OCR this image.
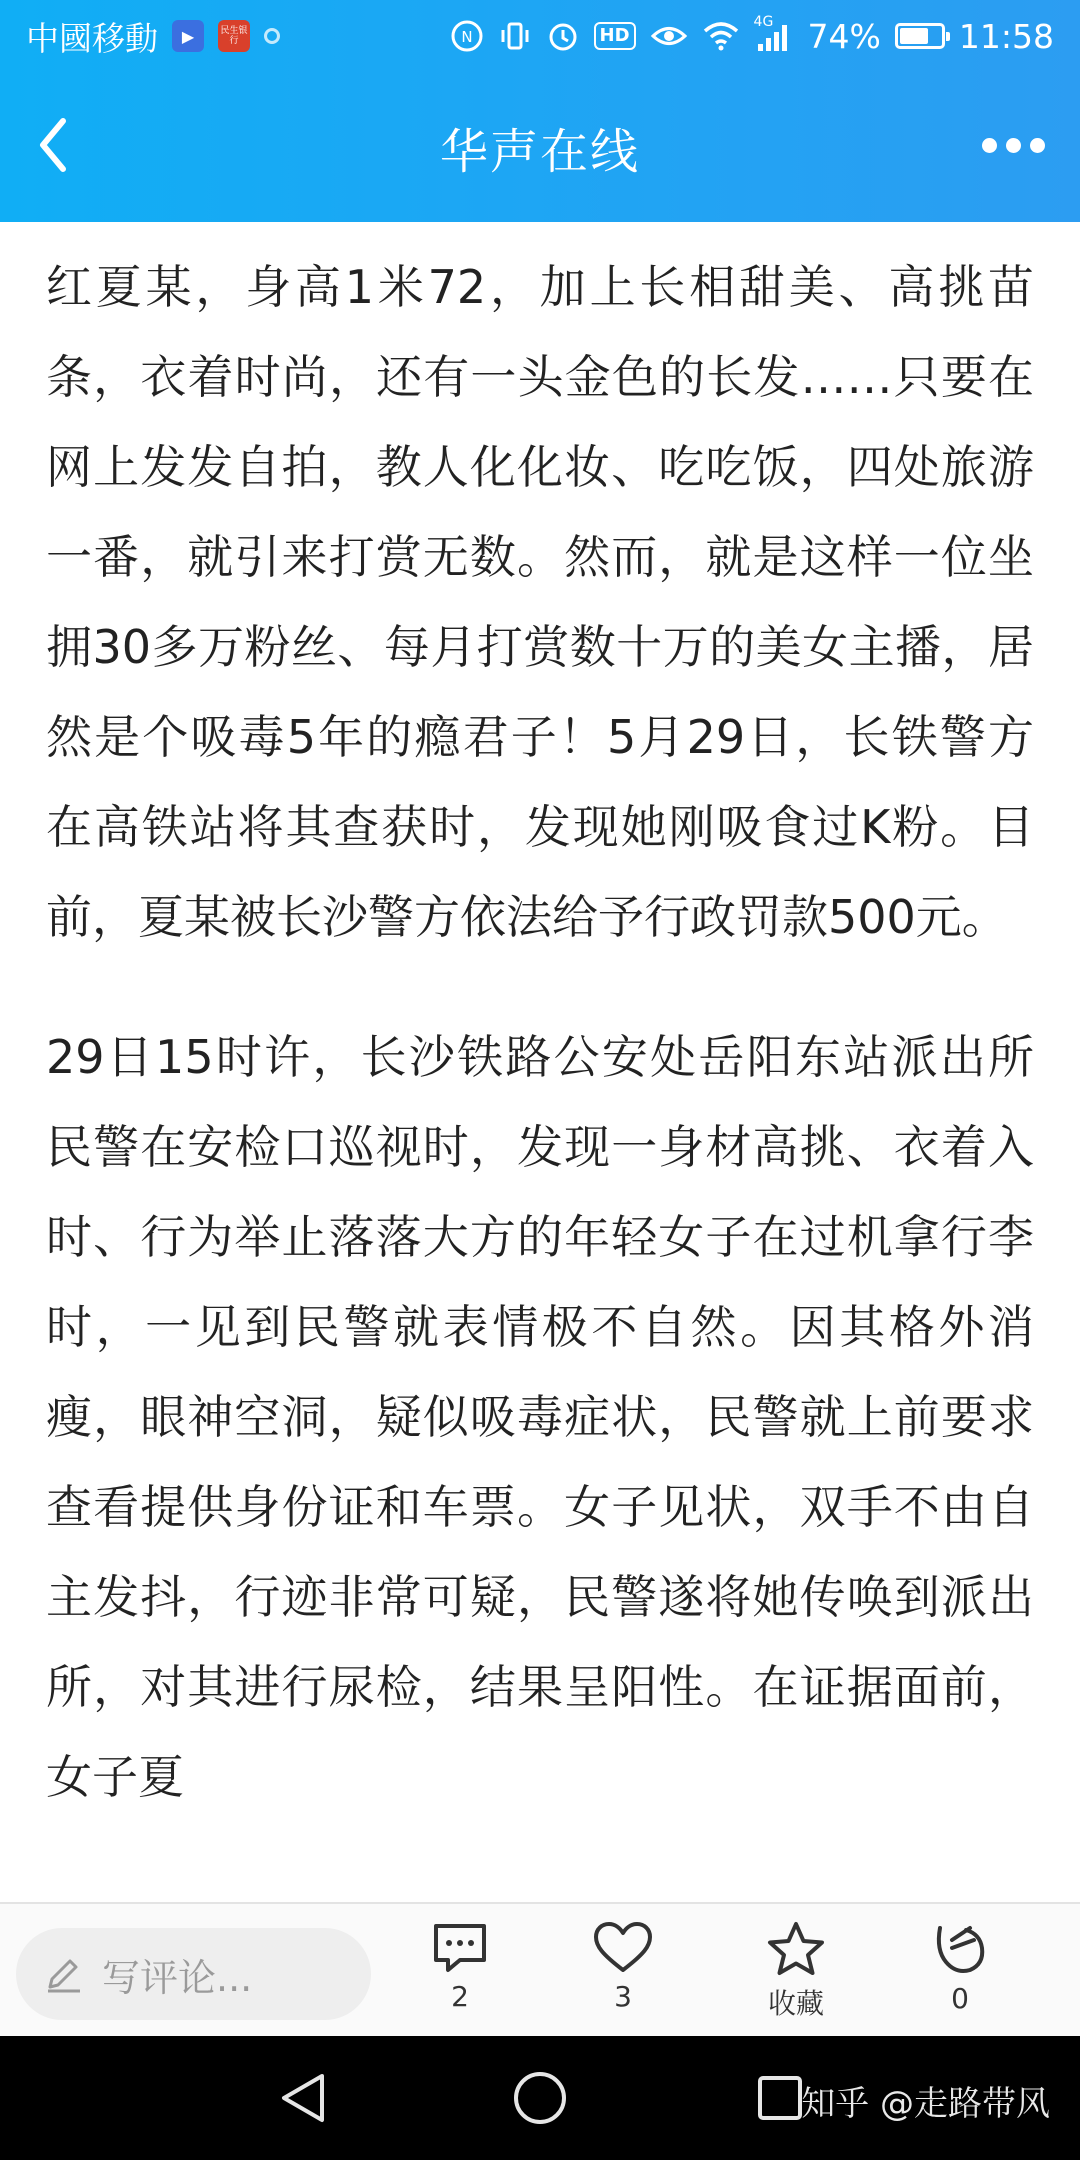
中國移動	▶	民生银行	N	HD
4G 74% 11:58
华声在线

红夏某，身高1米72，加上长相甜美、高挑苗条，衣着时尚，还有一头金色的长发……只要在网上发发自拍，教人化化妆、吃吃饭，四处旅游一番，就引来打赏无数。然而，就是这样一位坐拥30多万粉丝、每月打赏数十万的美女主播，居然是个吸毒5年的瘾君子！5月29日，长铁警方在高铁站将其查获时，发现她刚吸食过K粉。目前，夏某被长沙警方依法给予行政罚款500元。

29日15时许，长沙铁路公安处岳阳东站派出所民警在安检口巡视时，发现一身材高挑、衣着入时、行为举止落落大方的年轻女子在过机拿行李时，一见到民警就表情极不自然。因其格外消瘦，眼神空洞，疑似吸毒症状，民警就上前要求查看提供身份证和车票。女子见状，双手不由自主发抖，行迹非常可疑，民警遂将她传唤到派出所，对其进行尿检，结果呈阳性。在证据面前，女子夏

写评论...	2	3	收藏	0
知乎 @走路带风
